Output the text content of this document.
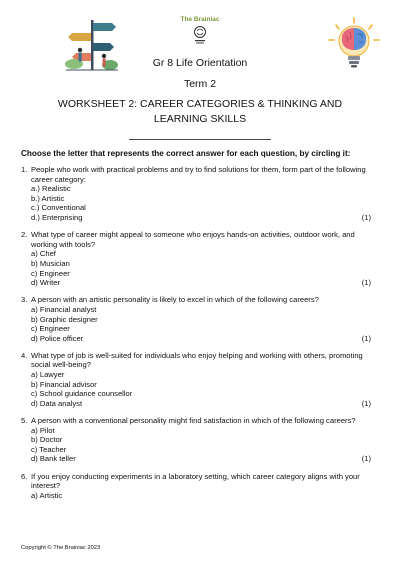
The Brainiac
Gr 8 Life Orientation
Term 2
WORKSHEET 2: CAREER CATEGORIES & THINKING AND LEARNING SKILLS
Choose the letter that represents the correct answer for each question, by circling it:
1. People who work with practical problems and try to find solutions for them, form part of the following career category:
a.) Realistic
b.) Artistic
c.) Conventional
d.) Enterprising	(1)
2. What type of career might appeal to someone who enjoys hands-on activities, outdoor work, and working with tools?
a) Chef
b) Musician
c) Engineer
d) Writer	(1)
3. A person with an artistic personality is likely to excel in which of the following careers?
a) Financial analyst
b) Graphic designer
c) Engineer
d) Police officer	(1)
4. What type of job is well-suited for individuals who enjoy helping and working with others, promoting social well-being?
a) Lawyer
b) Financial advisor
c) School guidance counsellor
d) Data analyst	(1)
5. A person with a conventional personality might find satisfaction in which of the following careers?
a) Pilot
b) Doctor
c) Teacher
d) Bank teller	(1)
6. If you enjoy conducting experiments in a laboratory setting, which career category aligns with your interest?
a) Artistic
Copyright © The Brainiac 2023
